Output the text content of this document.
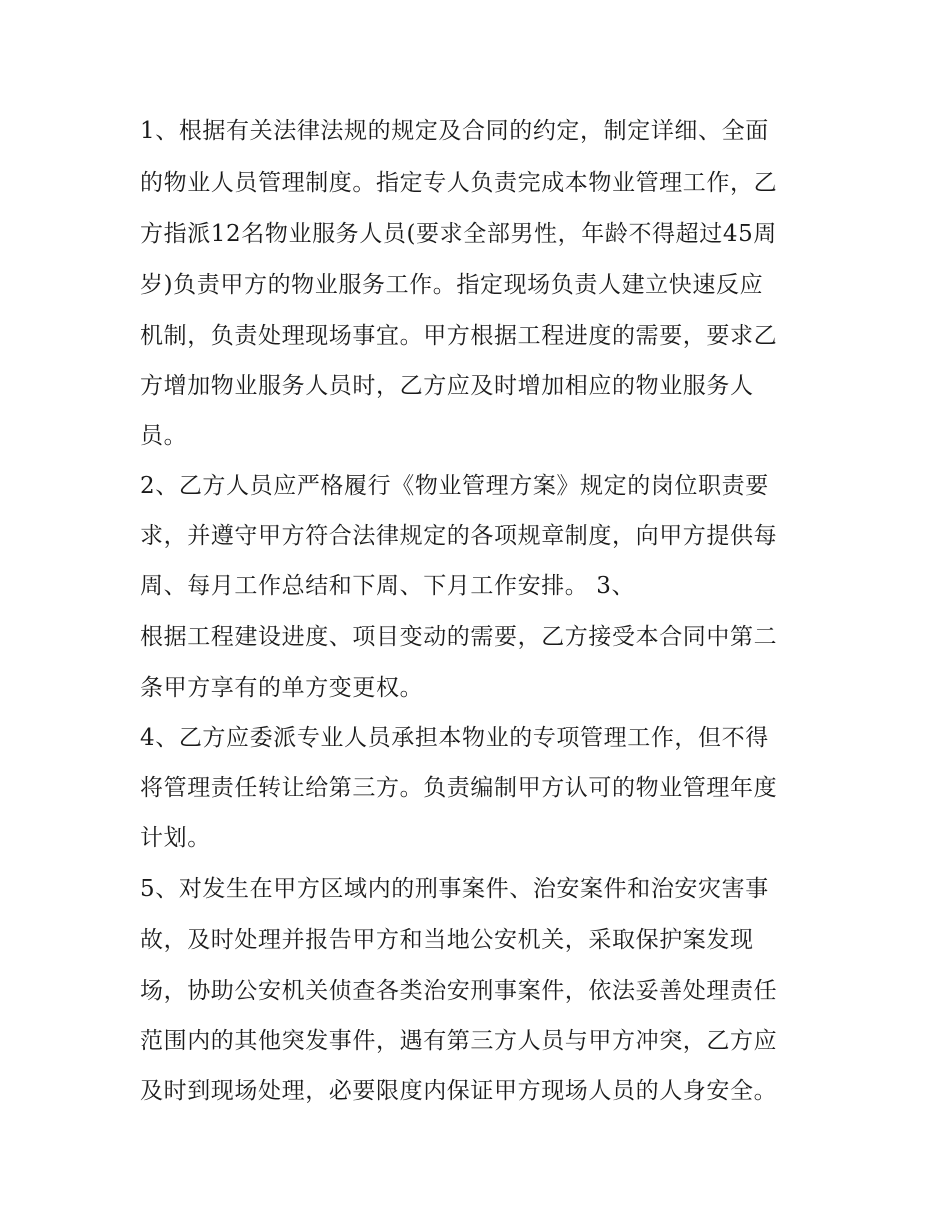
1、根据有关法律法规的规定及合同的约定，制定详细、全面
的物业人员管理制度。指定专人负责完成本物业管理工作，乙
方指派12名物业服务人员(要求全部男性，年龄不得超过45周
岁)负责甲方的物业服务工作。指定现场负责人建立快速反应
机制，负责处理现场事宜。甲方根据工程进度的需要，要求乙
方增加物业服务人员时，乙方应及时增加相应的物业服务人
员。
2、乙方人员应严格履行《物业管理方案》规定的岗位职责要
求，并遵守甲方符合法律规定的各项规章制度，向甲方提供每
周、每月工作总结和下周、下月工作安排。 3、
根据工程建设进度、项目变动的需要，乙方接受本合同中第二
条甲方享有的单方变更权。
4、乙方应委派专业人员承担本物业的专项管理工作，但不得
将管理责任转让给第三方。负责编制甲方认可的物业管理年度
计划。
5、对发生在甲方区域内的刑事案件、治安案件和治安灾害事
故，及时处理并报告甲方和当地公安机关，采取保护案发现
场，协助公安机关侦查各类治安刑事案件，依法妥善处理责任
范围内的其他突发事件，遇有第三方人员与甲方冲突，乙方应
及时到现场处理，必要限度内保证甲方现场人员的人身安全。
